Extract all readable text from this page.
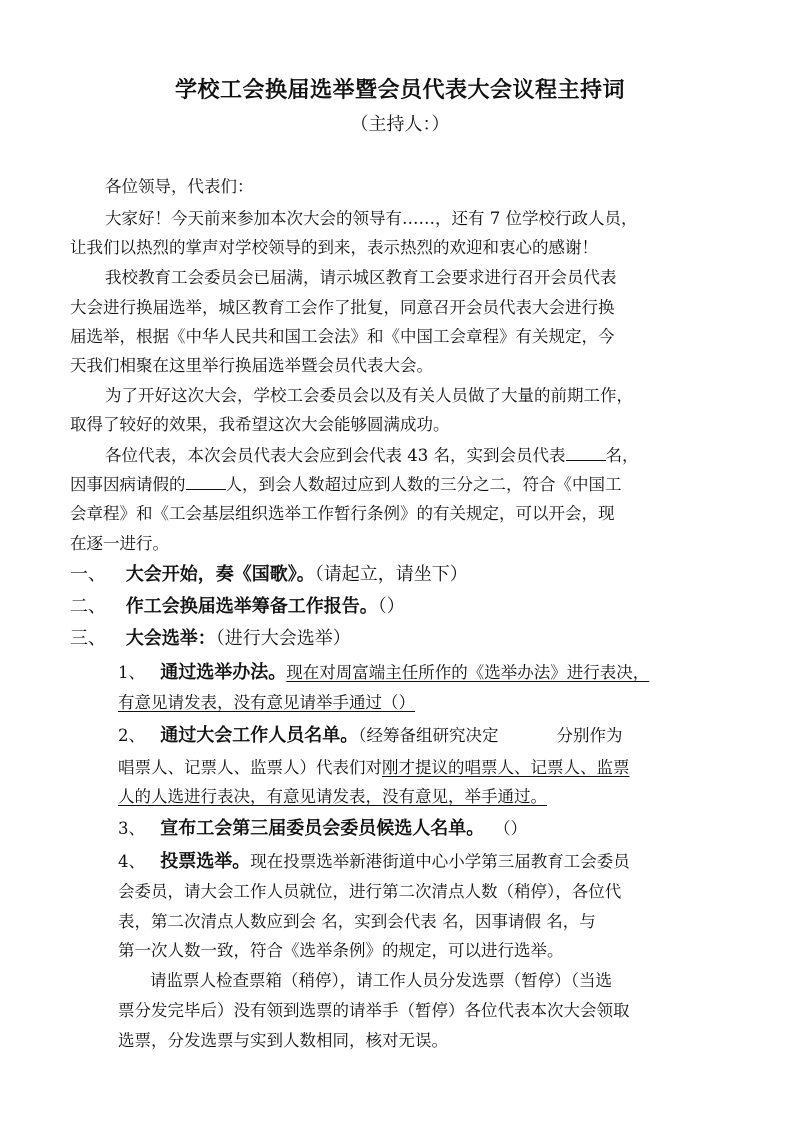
学校工会换届选举暨会员代表大会议程主持词
（主持人：）
各位领导，代表们：
大家好！今天前来参加本次大会的领导有……，还有 7 位学校行政人员，
让我们以热烈的掌声对学校领导的到来，表示热烈的欢迎和衷心的感谢！
我校教育工会委员会已届满，请示城区教育工会要求进行召开会员代表
大会进行换届选举，城区教育工会作了批复，同意召开会员代表大会进行换
届选举，根据《中华人民共和国工会法》和《中国工会章程》有关规定，今
天我们相聚在这里举行换届选举暨会员代表大会。
为了开好这次大会，学校工会委员会以及有关人员做了大量的前期工作，
取得了较好的效果，我希望这次大会能够圆满成功。
各位代表，本次会员代表大会应到会代表 43 名，实到会员代表 名，
因事因病请假的 人，到会人数超过应到人数的三分之二，符合《中国工
会章程》和《工会基层组织选举工作暂行条例》的有关规定，可以开会，现
在逐一进行。
一、 大会开始，奏《国歌》。（请起立，请坐下）
二、 作工会换届选举筹备工作报告。（）
三、 大会选举：（进行大会选举）
1、 通过选举办法。现在对周富端主任所作的《选举办法》进行表决，
有意见请发表，没有意见请举手通过（）
2、 通过大会工作人员名单。（经筹备组研究决定	分别作为
唱票人、记票人、监票人）代表们对刚才提议的唱票人、记票人、监票
人的人选进行表决，有意见请发表，没有意见，举手通过。
3、 宣布工会第三届委员会委员候选人名单。 （）
4、 投票选举。现在投票选举新港街道中心小学第三届教育工会委员
会委员，请大会工作人员就位，进行第二次清点人数（稍停），各位代
表，第二次清点人数应到会 名，实到会代表 名，因事请假 名，与
第一次人数一致，符合《选举条例》的规定，可以进行选举。
请监票人检查票箱（稍停），请工作人员分发选票（暂停）（当选
票分发完毕后）没有领到选票的请举手（暂停）各位代表本次大会领取
选票，分发选票与实到人数相同，核对无误。
